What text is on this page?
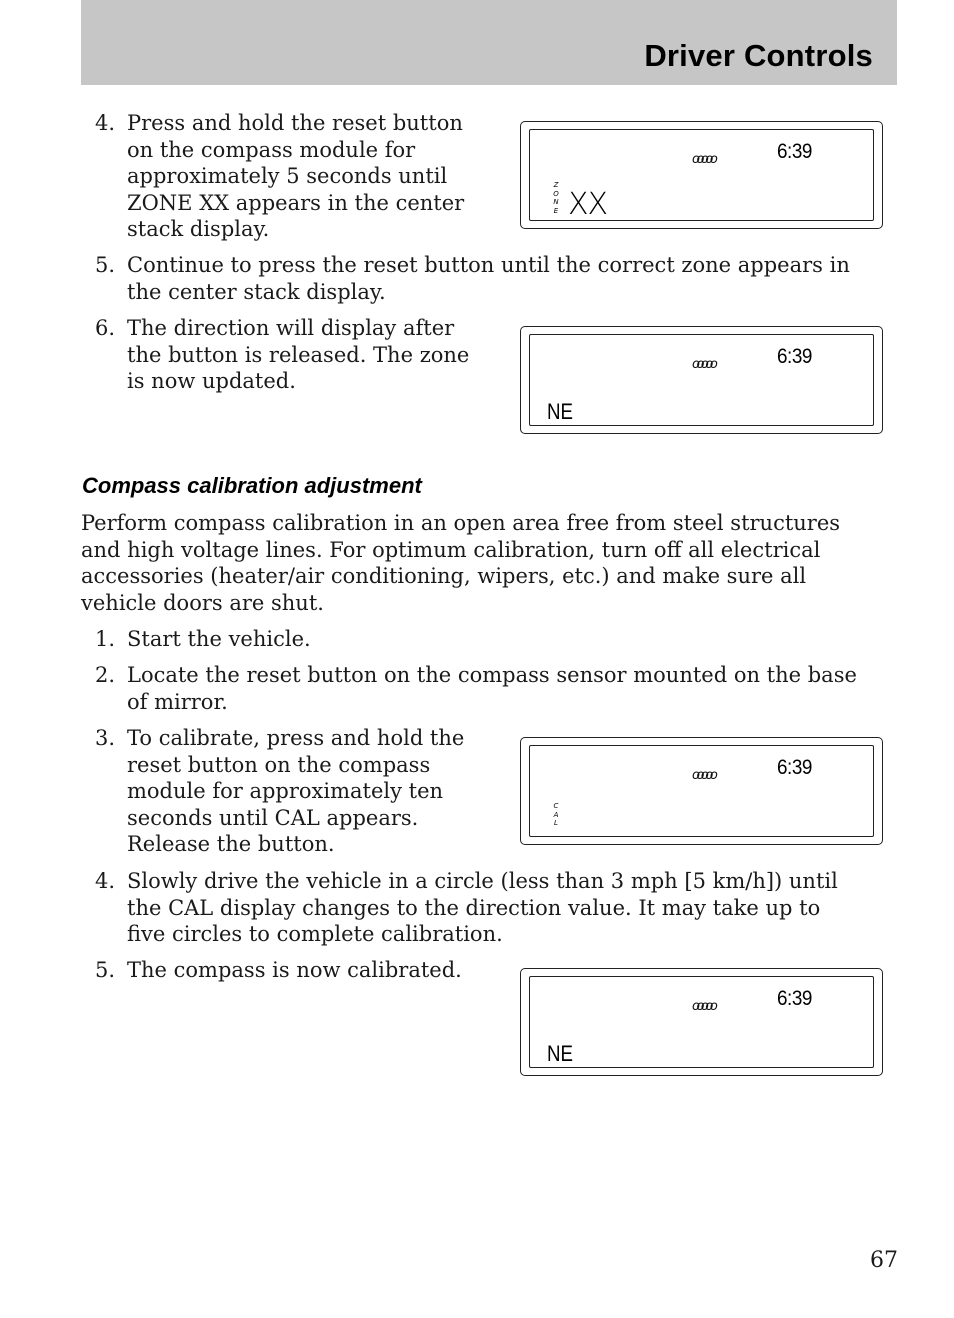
Driver Controls
4. Press and hold the reset button
on the compass module for
approximately 5 seconds until
ZONE XX appears in the center
stack display.
5. Continue to press the reset button until the correct zone appears in
the center stack display.
6. The direction will display after
the button is released. The zone
is now updated.
Compass calibration adjustment
Perform compass calibration in an open area free from steel structures
and high voltage lines. For optimum calibration, turn off all electrical
accessories (heater/air conditioning, wipers, etc.) and make sure all
vehicle doors are shut.
1. Start the vehicle.
2. Locate the reset button on the compass sensor mounted on the base
of mirror.
3. To calibrate, press and hold the
reset button on the compass
module for approximately ten
seconds until CAL appears.
Release the button.
4. Slowly drive the vehicle in a circle (less than 3 mph [5 km/h]) until
the CAL display changes to the direction value. It may take up to
five circles to complete calibration.
5. The compass is now calibrated.
ooooo	6:39
Z
O
N
E XX
ooooo	6:39
NE
ooooo	6:39
C
A
L
ooooo	6:39
NE
67
